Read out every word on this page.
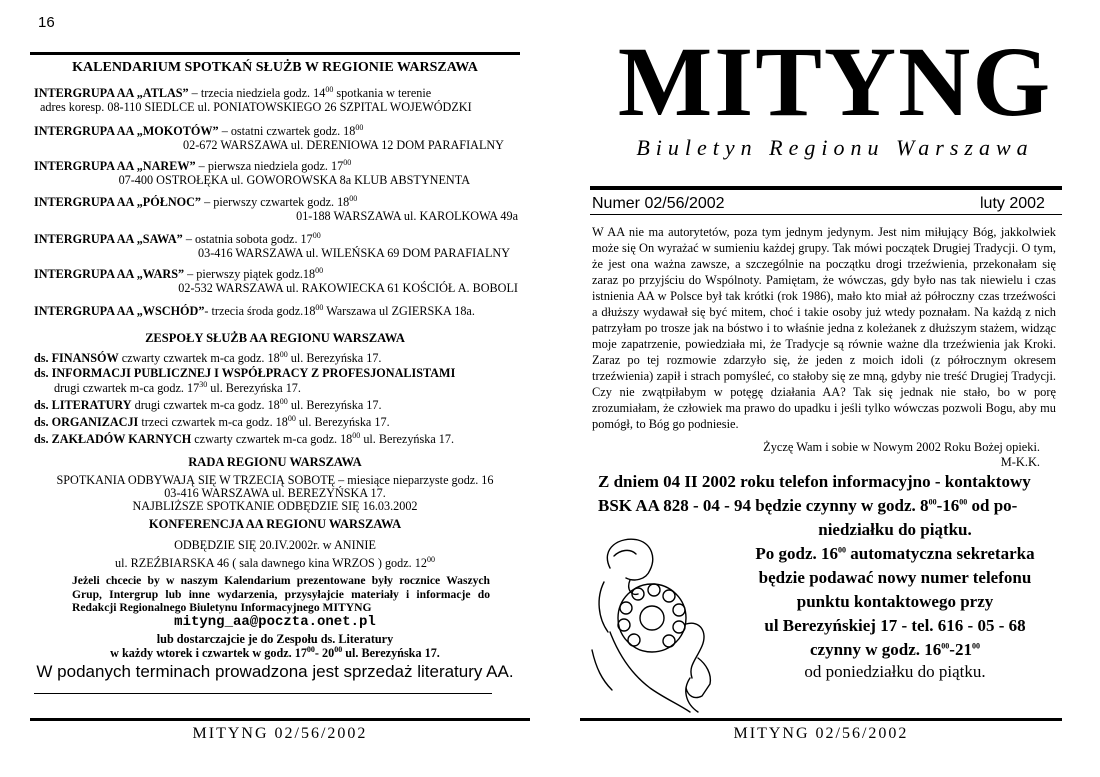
16
KALENDARIUM SPOTKAŃ SŁUŻB W REGIONIE WARSZAWA
INTERGRUPA AA „ATLAS” – trzecia niedziela godz. $14^{00}$ spotkania w terenie
adres koresp. 08-110 SIEDLCE ul. PONIATOWSKIEGO 26 SZPITAL WOJEWÓDZKI
INTERGRUPA AA „MOKOTÓW” – ostatni czwartek godz. $18^{00}$
02-672 WARSZAWA ul. DERENIOWA 12 DOM PARAFIALNY
INTERGRUPA AA „NAREW” – pierwsza niedziela godz. $17^{00}$
07-400 OSTROŁĘKA ul. GOWOROWSKA 8a KLUB ABSTYNENTA
INTERGRUPA AA „PÓŁNOC” – pierwszy czwartek godz. $18^{00}$
01-188 WARSZAWA ul. KAROLKOWA 49a
INTERGRUPA AA „SAWA” – ostatnia sobota godz. $17^{00}$
03-416 WARSZAWA ul. WILEŃSKA 69 DOM PARAFIALNY
INTERGRUPA AA „WARS” – pierwszy piątek $godz.18^{00}$
02-532 WARSZAWA ul. RAKOWIECKA 61 KOŚCIÓŁ A. BOBOLI
INTERGRUPA AA „WSCHÓD”- trzecia środa $godz.18^{00}$ Warszawa ul ZGIERSKA 18a.
ZESPOŁY SŁUŻB AA REGIONU WARSZAWA
ds. FINANSÓW czwarty czwartek m-ca godz. $18^{00}$ ul. Berezyńska 17.
ds. INFORMACJI PUBLICZNEJ I WSPÓŁPRACY Z PROFESJONALISTAMI
drugi czwartek m-ca godz. $17^{30}$ ul. Berezyńska 17.
ds. LITERATURY drugi czwartek m-ca godz. $18^{00}$ ul. Berezyńska 17.
ds. ORGANIZACJI trzeci czwartek m-ca godz. $18^{00}$ ul. Berezyńska 17.
ds. ZAKŁADÓW KARNYCH czwarty czwartek m-ca godz. $18^{00}$ ul. Berezyńska 17.
RADA REGIONU WARSZAWA
SPOTKANIA ODBYWAJĄ SIĘ W TRZECIĄ SOBOTĘ – miesiące nieparzyste godz. 16
03-416 WARSZAWA ul. BEREZYŃSKA 17.
NAJBLIŻSZE SPOTKANIE ODBĘDZIE SIĘ 16.03.2002
KONFERENCJA AA REGIONU WARSZAWA
ODBĘDZIE SIĘ 20.IV.2002r. w ANINIE
ul. RZEŹBIARSKA 46 ( sala dawnego kina WRZOS ) godz. $12^{00}$
Jeżeli chcecie by w naszym Kalendarium prezentowane były rocznice Waszych Grup, Intergrup lub inne wydarzenia, przysyłajcie materiały i informacje do Redakcji Regionalnego Biuletynu Informacyjnego MITYNG
mityng_aa@poczta.onet.pl
lub dostarczajcie je do Zespołu ds. Literatury
w każdy wtorek i czwartek w godz. $17^{00}-$ $20^{00}$ ul. Berezyńska 17.
W podanych terminach prowadzona jest sprzedaż literatury AA.
MITYNG 02/56/2002
MITYNG
Biuletyn Regionu Warszawa
Numer 02/56/2002	luty 2002
W AA nie ma autorytetów, poza tym jednym jedynym. Jest nim miłujący Bóg, jakkolwiek może się On wyrażać w sumieniu każdej grupy. Tak mówi początek Drugiej Tradycji. O tym, że jest ona ważna zawsze, a szczególnie na początku drogi trzeźwienia, przekonałam się zaraz po przyjściu do Wspólnoty. Pamiętam, że wówczas, gdy było nas tak niewielu i czas istnienia AA w Polsce był tak krótki (rok 1986), mało kto miał aż półroczny czas trzeźwości a dłuższy wydawał się być mitem, choć i takie osoby już wtedy poznałam. Na każdą z nich patrzyłam po trosze jak na bóstwo i to właśnie jedna z koleżanek z dłuższym stażem, widząc moje zapatrzenie, powiedziała mi, że Tradycje są równie ważne dla trzeźwienia jak Kroki. Zaraz po tej rozmowie zdarzyło się, że jeden z moich idoli (z półrocznym okresem trzeźwienia) zapił i strach pomyśleć, co stałoby się ze mną, gdyby nie treść Drugiej Tradycji. Czy nie zwątpiłabym w potęgę działania AA? Tak się jednak nie stało, bo w porę zrozumiałam, że człowiek ma prawo do upadku i jeśli tylko wówczas pozwoli Bogu, aby mu pomógł, to Bóg go podniesie.
Życzę Wam i sobie w Nowym 2002 Roku Bożej opieki.
M-K.K.
Z dniem 04 II 2002 roku telefon informacyjno - kontaktowy
BSK AA 828 - 04 - 94 będzie czynny w godz. $8^{00}-16^{00}$ od po-
niedziałku do piątku.
Po godz. $16^{00}$ automatyczna sekretarka
będzie podawać nowy numer telefonu
punktu kontaktowego przy
ul Berezyńskiej 17 - tel. 616 - 05 - 68
czynny w godz. $16^{00}-21^{00}$
od poniedziałku do piątku.
MITYNG 02/56/2002
